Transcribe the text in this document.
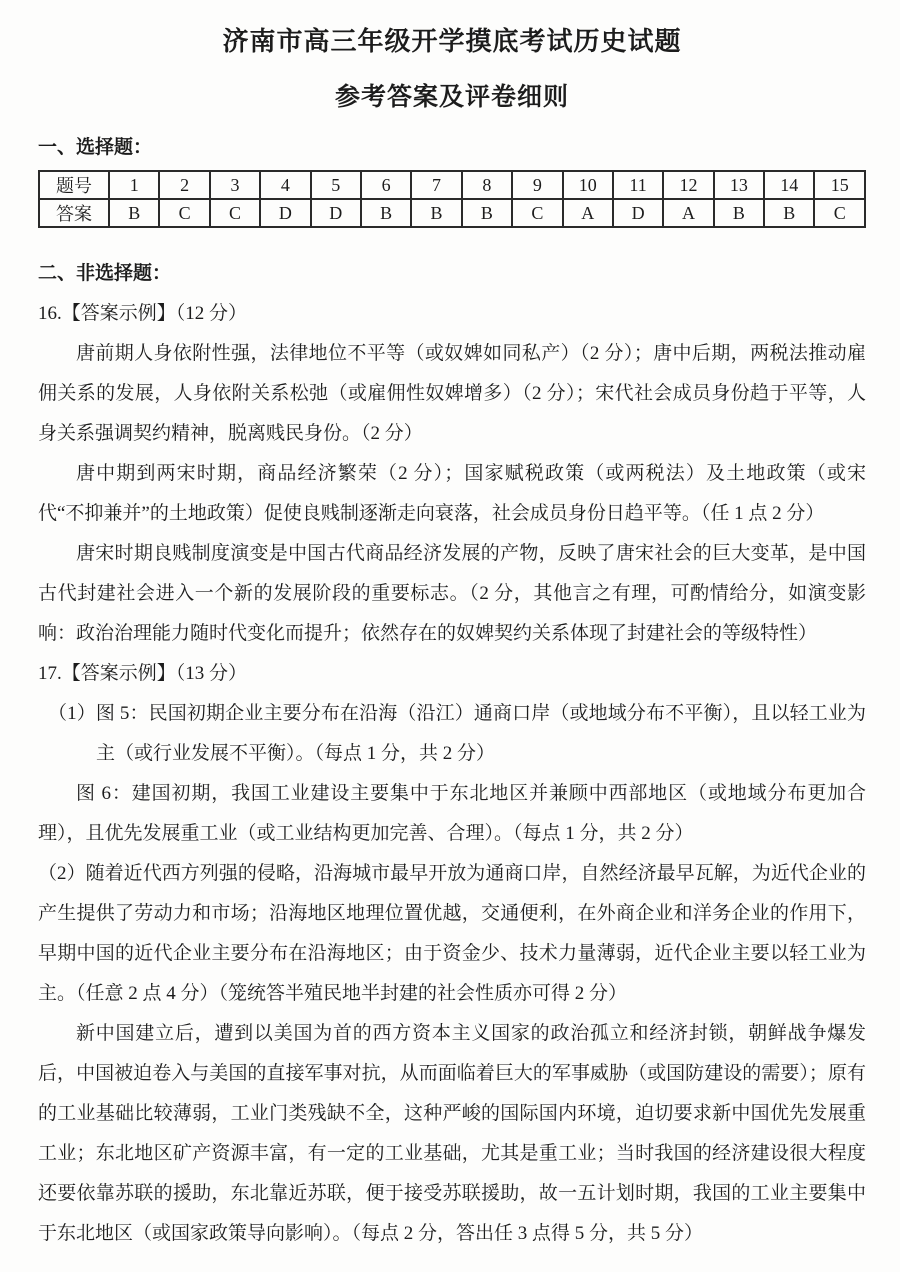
济南市高三年级开学摸底考试历史试题
参考答案及评卷细则
一、选择题：
题号	1	2	3	4	5	6	7	8	9	10	11	12	13	14	15
答案	B	C	C	D	D	B	B	B	C	A	D	A	B	B	C
二、非选择题：
16.【答案示例】（12 分）

唐前期人身依附性强，法律地位不平等（或奴婢如同私产）（2 分）；唐中后期，两税法推动雇佣关系的发展，人身依附关系松弛（或雇佣性奴婢增多）（2 分）；宋代社会成员身份趋于平等，人身关系强调契约精神，脱离贱民身份。（2 分）

唐中期到两宋时期，商品经济繁荣（2 分）；国家赋税政策（或两税法）及土地政策（或宋代“不抑兼并”的土地政策）促使良贱制逐渐走向衰落，社会成员身份日趋平等。（任 1 点 2 分）

唐宋时期良贱制度演变是中国古代商品经济发展的产物，反映了唐宋社会的巨大变革，是中国古代封建社会进入一个新的发展阶段的重要标志。（2 分，其他言之有理，可酌情给分，如演变影响：政治治理能力随时代变化而提升；依然存在的奴婢契约关系体现了封建社会的等级特性）

17.【答案示例】（13 分）

（1）图 5：民国初期企业主要分布在沿海（沿江）通商口岸（或地域分布不平衡），且以轻工业为主（或行业发展不平衡）。（每点 1 分，共 2 分）

图 6：建国初期，我国工业建设主要集中于东北地区并兼顾中西部地区（或地域分布更加合理），且优先发展重工业（或工业结构更加完善、合理）。（每点 1 分，共 2 分）

（2）随着近代西方列强的侵略，沿海城市最早开放为通商口岸，自然经济最早瓦解，为近代企业的产生提供了劳动力和市场；沿海地区地理位置优越，交通便利，在外商企业和洋务企业的作用下，早期中国的近代企业主要分布在沿海地区；由于资金少、技术力量薄弱，近代企业主要以轻工业为主。（任意 2 点 4 分）（笼统答半殖民地半封建的社会性质亦可得 2 分）

新中国建立后，遭到以美国为首的西方资本主义国家的政治孤立和经济封锁，朝鲜战争爆发后，中国被迫卷入与美国的直接军事对抗，从而面临着巨大的军事威胁（或国防建设的需要）；原有的工业基础比较薄弱，工业门类残缺不全，这种严峻的国际国内环境，迫切要求新中国优先发展重工业；东北地区矿产资源丰富，有一定的工业基础，尤其是重工业；当时我国的经济建设很大程度还要依靠苏联的援助，东北靠近苏联，便于接受苏联援助，故一五计划时期，我国的工业主要集中于东北地区（或国家政策导向影响）。（每点 2 分，答出任 3 点得 5 分，共 5 分）
